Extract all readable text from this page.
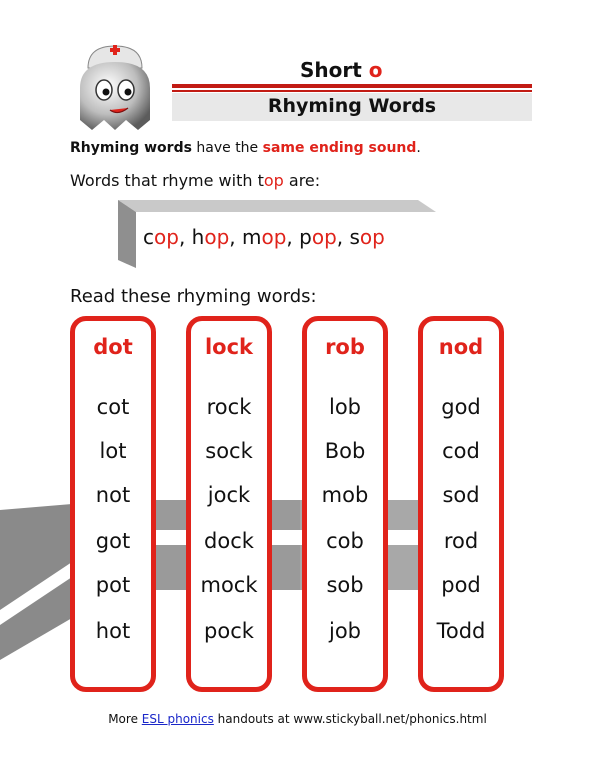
Short o
Rhyming Words
Rhyming words have the same ending sound.
Words that rhyme with top are:
cop, hop, mop, pop, sop
Read these rhyming words:
dot
cot
lot
not
got
pot
hot
lock
rock
sock
jock
dock
mock
pock
rob
lob
Bob
mob
cob
sob
job
nod
god
cod
sod
rod
pod
Todd
More ESL phonics handouts at www.stickyball.net/phonics.html
